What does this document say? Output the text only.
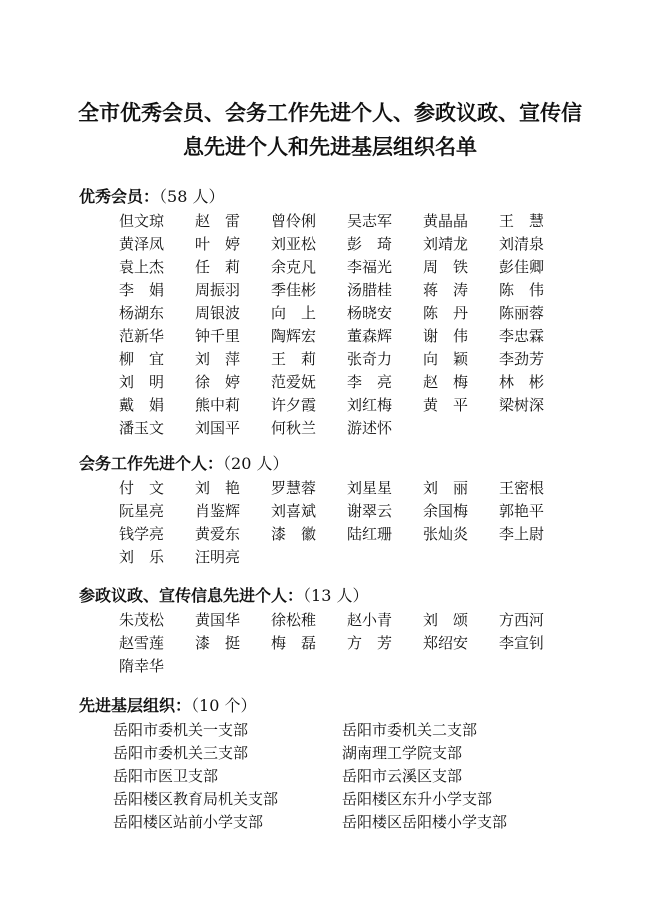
全市优秀会员、会务工作先进个人、参政议政、宣传信
息先进个人和先进基层组织名单
优秀会员：（58 人）
但文琼	赵　雷	曾伶俐	吴志军	黄晶晶	王　慧
黄泽凤	叶　婷	刘亚松	彭　琦	刘靖龙	刘清泉
袁上杰	任　莉	余克凡	李福光	周　铁	彭佳卿
李　娟	周振羽	季佳彬	汤腊桂	蒋　涛	陈　伟
杨湖东	周银波	向　上	杨晓安	陈　丹	陈丽蓉
范新华	钟千里	陶辉宏	董森辉	谢　伟	李忠霖
柳　宜	刘　萍	王　莉	张奇力	向　颖	李劲芳
刘　明	徐　婷	范爱妩	李　亮	赵　梅	林　彬
戴　娟	熊中莉	许夕霞	刘红梅	黄　平	梁树深
潘玉文	刘国平	何秋兰	游述怀
会务工作先进个人：（20 人）
付　文	刘　艳	罗慧蓉	刘星星	刘　丽	王密根
阮星亮	肖鉴辉	刘喜斌	谢翠云	余国梅	郭艳平
钱学亮	黄爱东	漆　徽	陆红珊	张灿炎	李上尉
刘　乐	汪明亮
参政议政、宣传信息先进个人：（13 人）
朱茂松	黄国华	徐松稚	赵小青	刘　颂	方西河
赵雪莲	漆　挺	梅　磊	方　芳	郑绍安	李宣钊
隋幸华
先进基层组织：（10 个）
岳阳市委机关一支部	岳阳市委机关二支部
岳阳市委机关三支部	湖南理工学院支部
岳阳市医卫支部	岳阳市云溪区支部
岳阳楼区教育局机关支部	岳阳楼区东升小学支部
岳阳楼区站前小学支部	岳阳楼区岳阳楼小学支部
